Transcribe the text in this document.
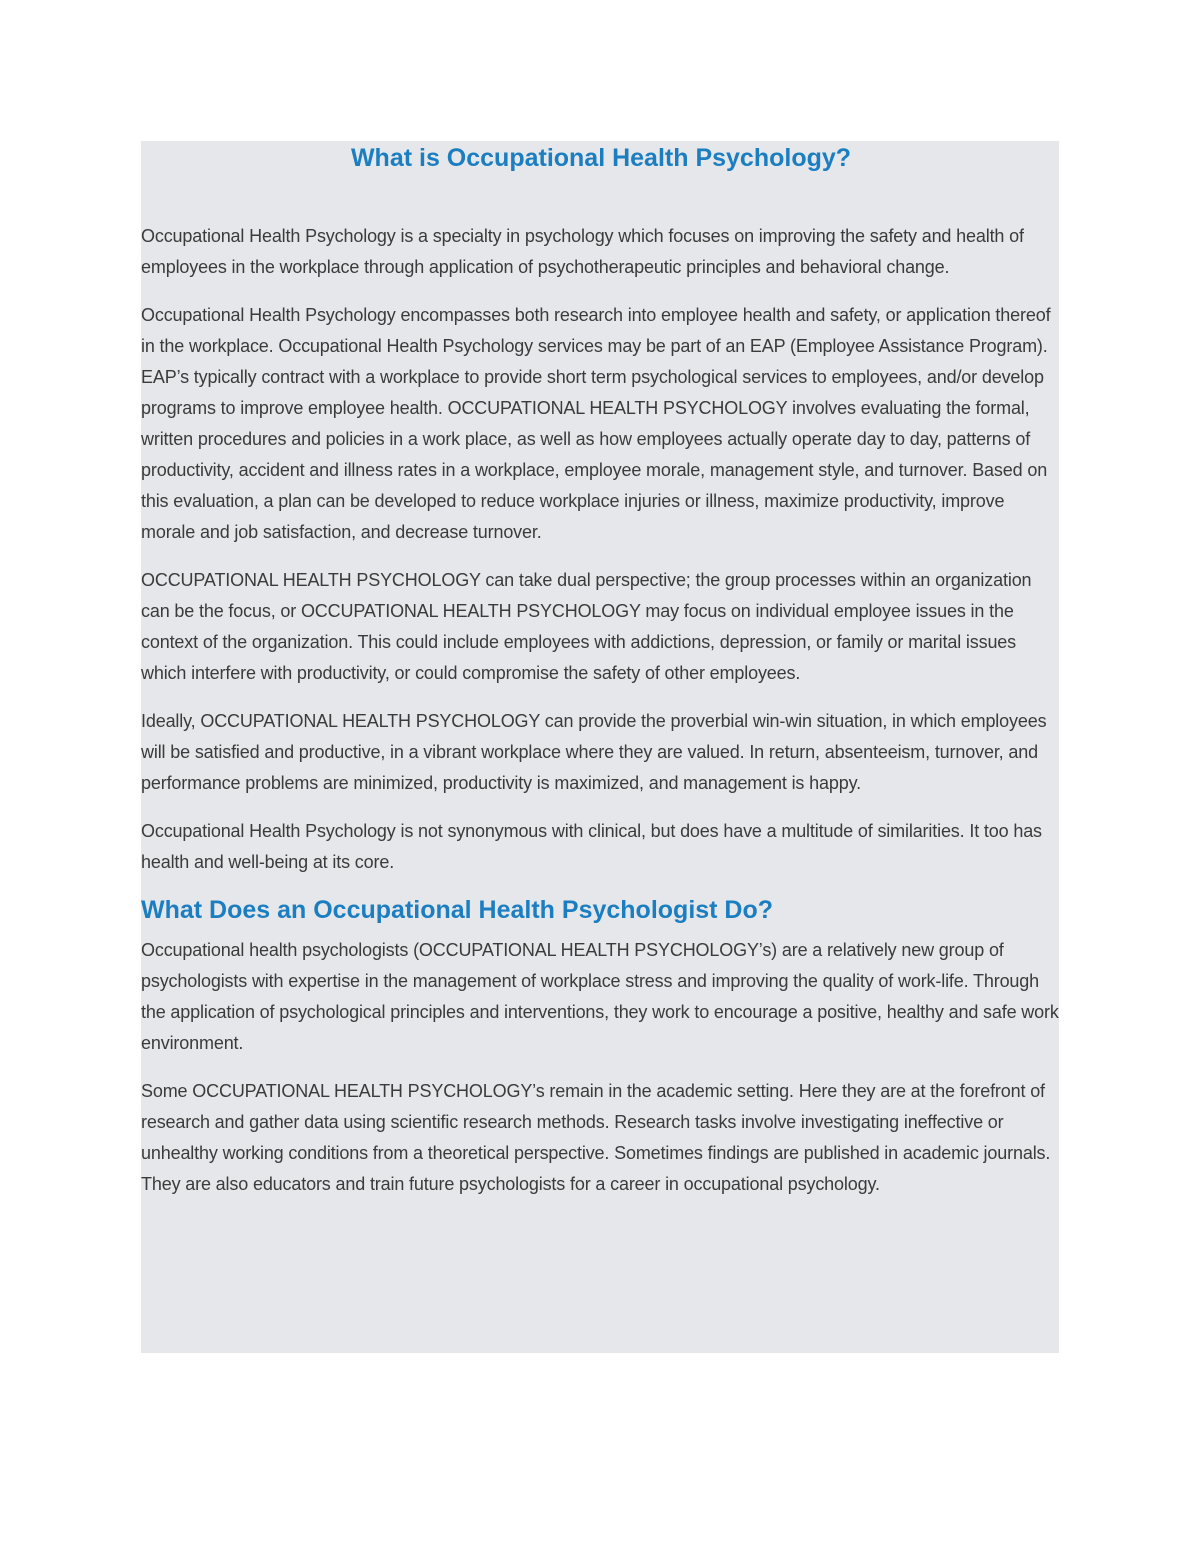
What is Occupational Health Psychology?

Occupational Health Psychology is a specialty in psychology which focuses on improving the safety and health of employees in the workplace through application of psychotherapeutic principles and behavioral change.

Occupational Health Psychology encompasses both research into employee health and safety, or application thereof in the workplace. Occupational Health Psychology services may be part of an EAP (Employee Assistance Program). EAP’s typically contract with a workplace to provide short term psychological services to employees, and/or develop programs to improve employee health. OCCUPATIONAL HEALTH PSYCHOLOGY involves evaluating the formal, written procedures and policies in a work place, as well as how employees actually operate day to day, patterns of productivity, accident and illness rates in a workplace, employee morale, management style, and turnover. Based on this evaluation, a plan can be developed to reduce workplace injuries or illness, maximize productivity, improve morale and job satisfaction, and decrease turnover.

OCCUPATIONAL HEALTH PSYCHOLOGY can take dual perspective; the group processes within an organization can be the focus, or OCCUPATIONAL HEALTH PSYCHOLOGY may focus on individual employee issues in the context of the organization. This could include employees with addictions, depression, or family or marital issues which interfere with productivity, or could compromise the safety of other employees.

Ideally, OCCUPATIONAL HEALTH PSYCHOLOGY can provide the proverbial win-win situation, in which employees will be satisfied and productive, in a vibrant workplace where they are valued. In return, absenteeism, turnover, and performance problems are minimized, productivity is maximized, and management is happy.

Occupational Health Psychology is not synonymous with clinical, but does have a multitude of similarities. It too has health and well-being at its core.

What Does an Occupational Health Psychologist Do?

Occupational health psychologists (OCCUPATIONAL HEALTH PSYCHOLOGY’s) are a relatively new group of psychologists with expertise in the management of workplace stress and improving the quality of work-life. Through the application of psychological principles and interventions, they work to encourage a positive, healthy and safe work environment.

Some OCCUPATIONAL HEALTH PSYCHOLOGY’s remain in the academic setting. Here they are at the forefront of research and gather data using scientific research methods. Research tasks involve investigating ineffective or unhealthy working conditions from a theoretical perspective. Sometimes findings are published in academic journals. They are also educators and train future psychologists for a career in occupational psychology.
